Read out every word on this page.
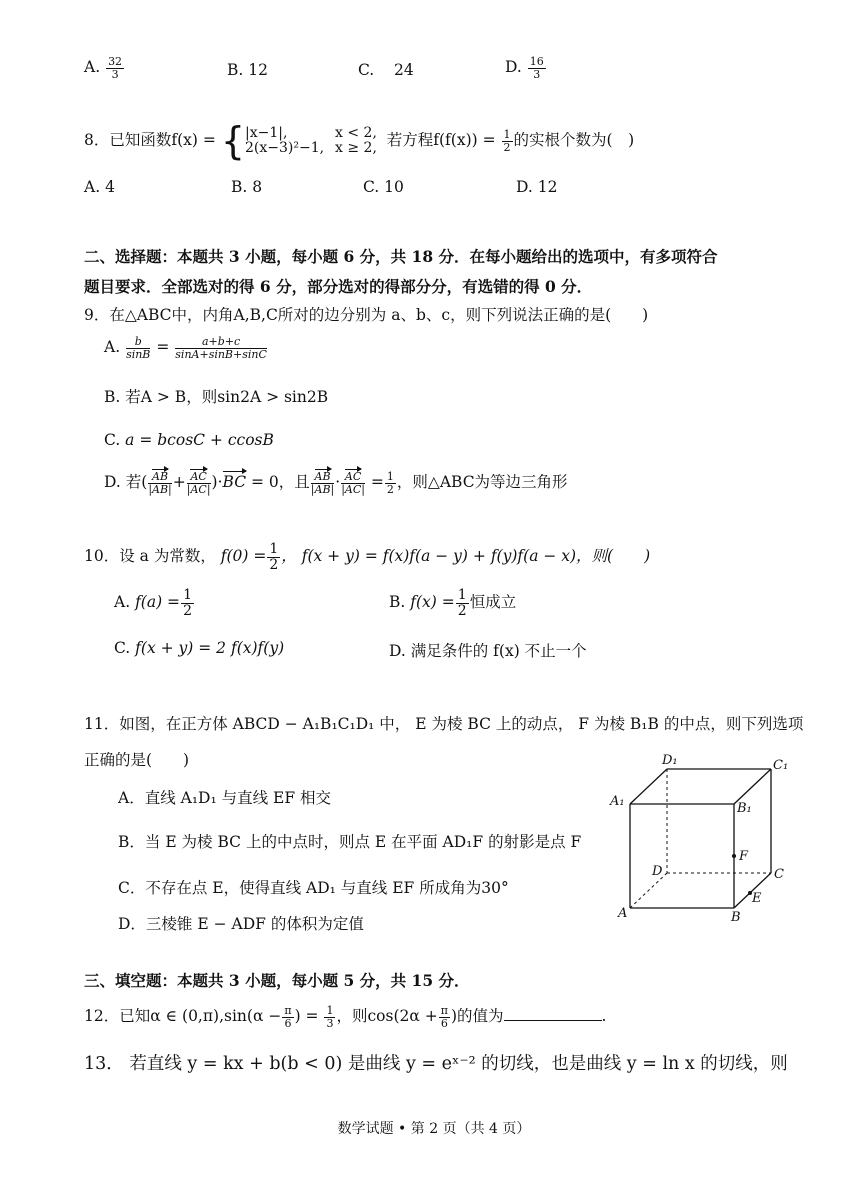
A. $\frac{32}{3}$	B. 12	C. 24	D. $\frac{16}{3}$
8．已知函数f(x) = { |x−1|,
2(x−3)²−1,

x < 2,
x ≥ 2, 若方程$f(f(x)) = \frac{1}{2}$ 的实根个数为(　)
A. 4	B. 8	C. 10	D. 12
二、选择题：本题共 3 小题，每小题 6 分，共 18 分．在每小题给出的选项中，有多项符合
题目要求．全部选对的得 6 分，部分选对的得部分分，有选错的得 0 分．
9．在△ABC中，内角A,B,C所对的边分别为 a、b、c，则下列说法正确的是(　　)
A. $\frac{b}{\sin B} = \frac{a+b+c}{\sin A+\sin B+\sin C}$
B. 若A > B，则sin2A > sin2B
C. a = bcosC + ccosB
D. 若( $\frac{AB}{|AB|} + \frac{AC}{|AC|} )\cdot BC = 0$，且 $\frac{AB}{|AB|} \cdot \frac{AC}{|AC|} = \frac{1}{2}$ ，则△ABC为等边三角形
10．设 a 为常数， $f(0) = \frac{1}{2}$ ， f(x + y) = f(x)f(a − y) + f(y)f(a − x)，则(　　)
A. $f(a) = \frac{1}{2}$	B. $f(x) = \frac{1}{2}$ 恒成立
C. f(x + y) = 2 f(x)f(y)	D. 满足条件的 f(x) 不止一个
11．如图，在正方体 ABCD − A₁B₁C₁D₁ 中， E 为棱 BC 上的动点， F 为棱 B₁B 的中点，则下列选项
正确的是(　　)
A．直线 A₁D₁ 与直线 EF 相交
B．当 E 为棱 BC 上的中点时，则点 E 在平面 AD₁F 的射影是点 F
C．不存在点 E，使得直线 AD₁ 与直线 EF 所成角为30°
D．三棱锥 E − ADF 的体积为定值
D₁	C₁
A₁	B₁
F
D	C
E
A	B
三、填空题：本题共 3 小题，每小题 5 分，共 15 分．
12．已知α ∈ $(0,\pi),\sin(\alpha - \frac{\pi}{6}$ ) = $\frac{1}{3}$ ，则$\cos(2\alpha + \frac{\pi}{6}$ )的值为	.
13． 若直线 y = kx + b(b < 0) 是曲线 y = eˣ⁻² 的切线，也是曲线 y = ln x 的切线，则
数学试题 • 第 2 页（共 4 页）
